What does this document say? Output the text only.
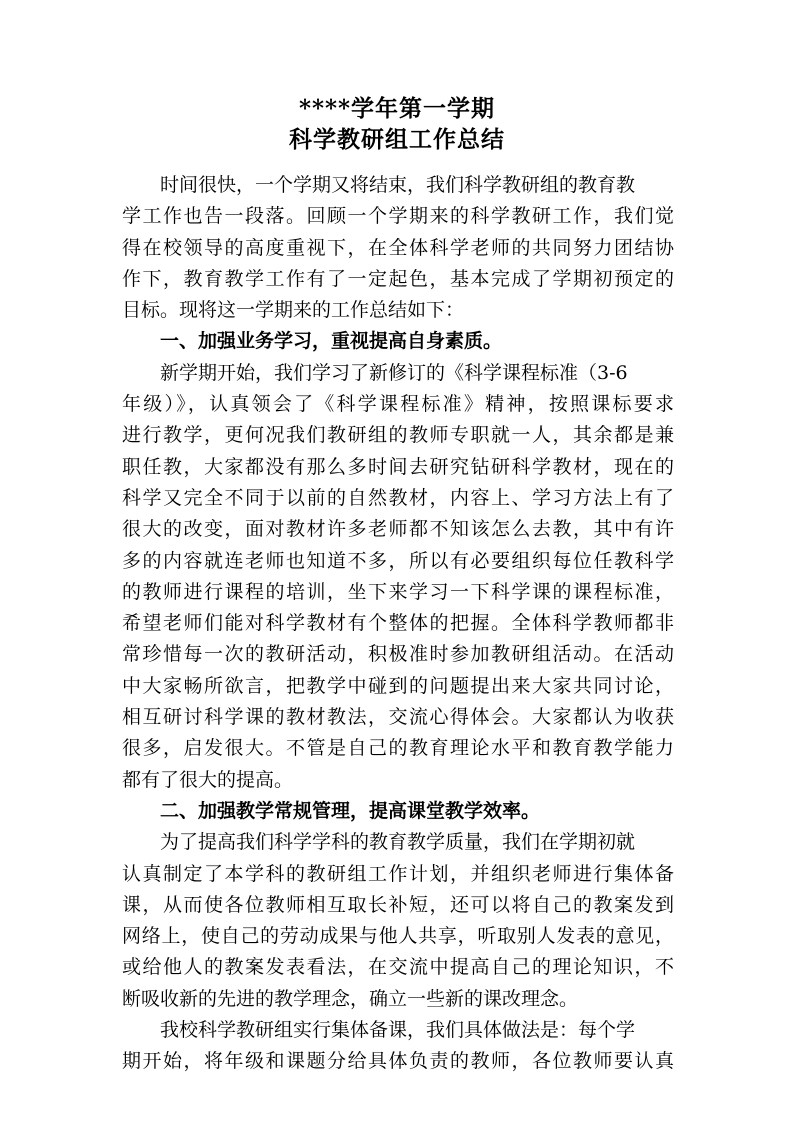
****学年第一学期
科学教研组工作总结
时间很快，一个学期又将结束，我们科学教研组的教育教
学工作也告一段落。回顾一个学期来的科学教研工作，我们觉
得在校领导的高度重视下，在全体科学老师的共同努力团结协
作下，教育教学工作有了一定起色，基本完成了学期初预定的
目标。现将这一学期来的工作总结如下：
一、加强业务学习，重视提高自身素质。
新学期开始，我们学习了新修订的《科学课程标准（3-6
年级）》，认真领会了《科学课程标准》精神，按照课标要求
进行教学，更何况我们教研组的教师专职就一人，其余都是兼
职任教，大家都没有那么多时间去研究钻研科学教材，现在的
科学又完全不同于以前的自然教材，内容上、学习方法上有了
很大的改变，面对教材许多老师都不知该怎么去教，其中有许
多的内容就连老师也知道不多，所以有必要组织每位任教科学
的教师进行课程的培训，坐下来学习一下科学课的课程标准，
希望老师们能对科学教材有个整体的把握。全体科学教师都非
常珍惜每一次的教研活动，积极准时参加教研组活动。在活动
中大家畅所欲言，把教学中碰到的问题提出来大家共同讨论，
相互研讨科学课的教材教法，交流心得体会。大家都认为收获
很多，启发很大。不管是自己的教育理论水平和教育教学能力
都有了很大的提高。
二、加强教学常规管理，提高课堂教学效率。
为了提高我们科学学科的教育教学质量，我们在学期初就
认真制定了本学科的教研组工作计划，并组织老师进行集体备
课，从而使各位教师相互取长补短，还可以将自己的教案发到
网络上，使自己的劳动成果与他人共享，听取别人发表的意见，
或给他人的教案发表看法，在交流中提高自己的理论知识，不
断吸收新的先进的教学理念，确立一些新的课改理念。
我校科学教研组实行集体备课，我们具体做法是：每个学
期开始，将年级和课题分给具体负责的教师，各位教师要认真
